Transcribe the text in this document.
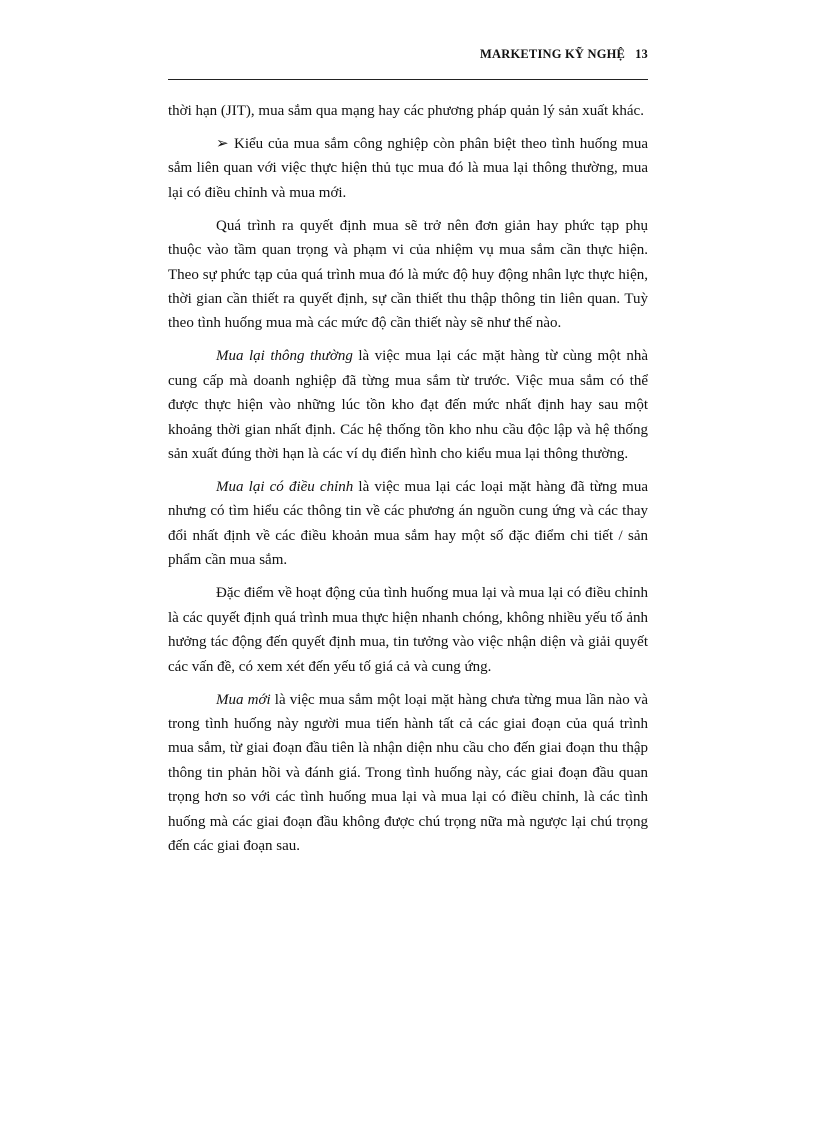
MARKETING KỸ NGHỆ 13

thời hạn (JIT), mua sắm qua mạng hay các phương pháp quản lý sản xuất khác.

➢ Kiểu của mua sắm công nghiệp còn phân biệt theo tình huống mua sắm liên quan với việc thực hiện thủ tục mua đó là mua lại thông thường, mua lại có điều chỉnh và mua mới.

Quá trình ra quyết định mua sẽ trở nên đơn giản hay phức tạp phụ thuộc vào tầm quan trọng và phạm vi của nhiệm vụ mua sắm cần thực hiện. Theo sự phức tạp của quá trình mua đó là mức độ huy động nhân lực thực hiện, thời gian cần thiết ra quyết định, sự cần thiết thu thập thông tin liên quan. Tuỳ theo tình huống mua mà các mức độ cần thiết này sẽ như thế nào.

Mua lại thông thường là việc mua lại các mặt hàng từ cùng một nhà cung cấp mà doanh nghiệp đã từng mua sắm từ trước. Việc mua sắm có thể được thực hiện vào những lúc tồn kho đạt đến mức nhất định hay sau một khoảng thời gian nhất định. Các hệ thống tồn kho nhu cầu độc lập và hệ thống sản xuất đúng thời hạn là các ví dụ điển hình cho kiểu mua lại thông thường.

Mua lại có điều chỉnh là việc mua lại các loại mặt hàng đã từng mua nhưng có tìm hiểu các thông tin về các phương án nguồn cung ứng và các thay đổi nhất định về các điều khoản mua sắm hay một số đặc điểm chi tiết / sản phẩm cần mua sắm.

Đặc điểm về hoạt động của tình huống mua lại và mua lại có điều chỉnh là các quyết định quá trình mua thực hiện nhanh chóng, không nhiều yếu tố ảnh hưởng tác động đến quyết định mua, tin tưởng vào việc nhận diện và giải quyết các vấn đề, có xem xét đến yếu tố giá cả và cung ứng.

Mua mới là việc mua sắm một loại mặt hàng chưa từng mua lần nào và trong tình huống này người mua tiến hành tất cả các giai đoạn của quá trình mua sắm, từ giai đoạn đầu tiên là nhận diện nhu cầu cho đến giai đoạn thu thập thông tin phản hồi và đánh giá. Trong tình huống này, các giai đoạn đầu quan trọng hơn so với các tình huống mua lại và mua lại có điều chỉnh, là các tình huống mà các giai đoạn đầu không được chú trọng nữa mà ngược lại chú trọng đến các giai đoạn sau.
